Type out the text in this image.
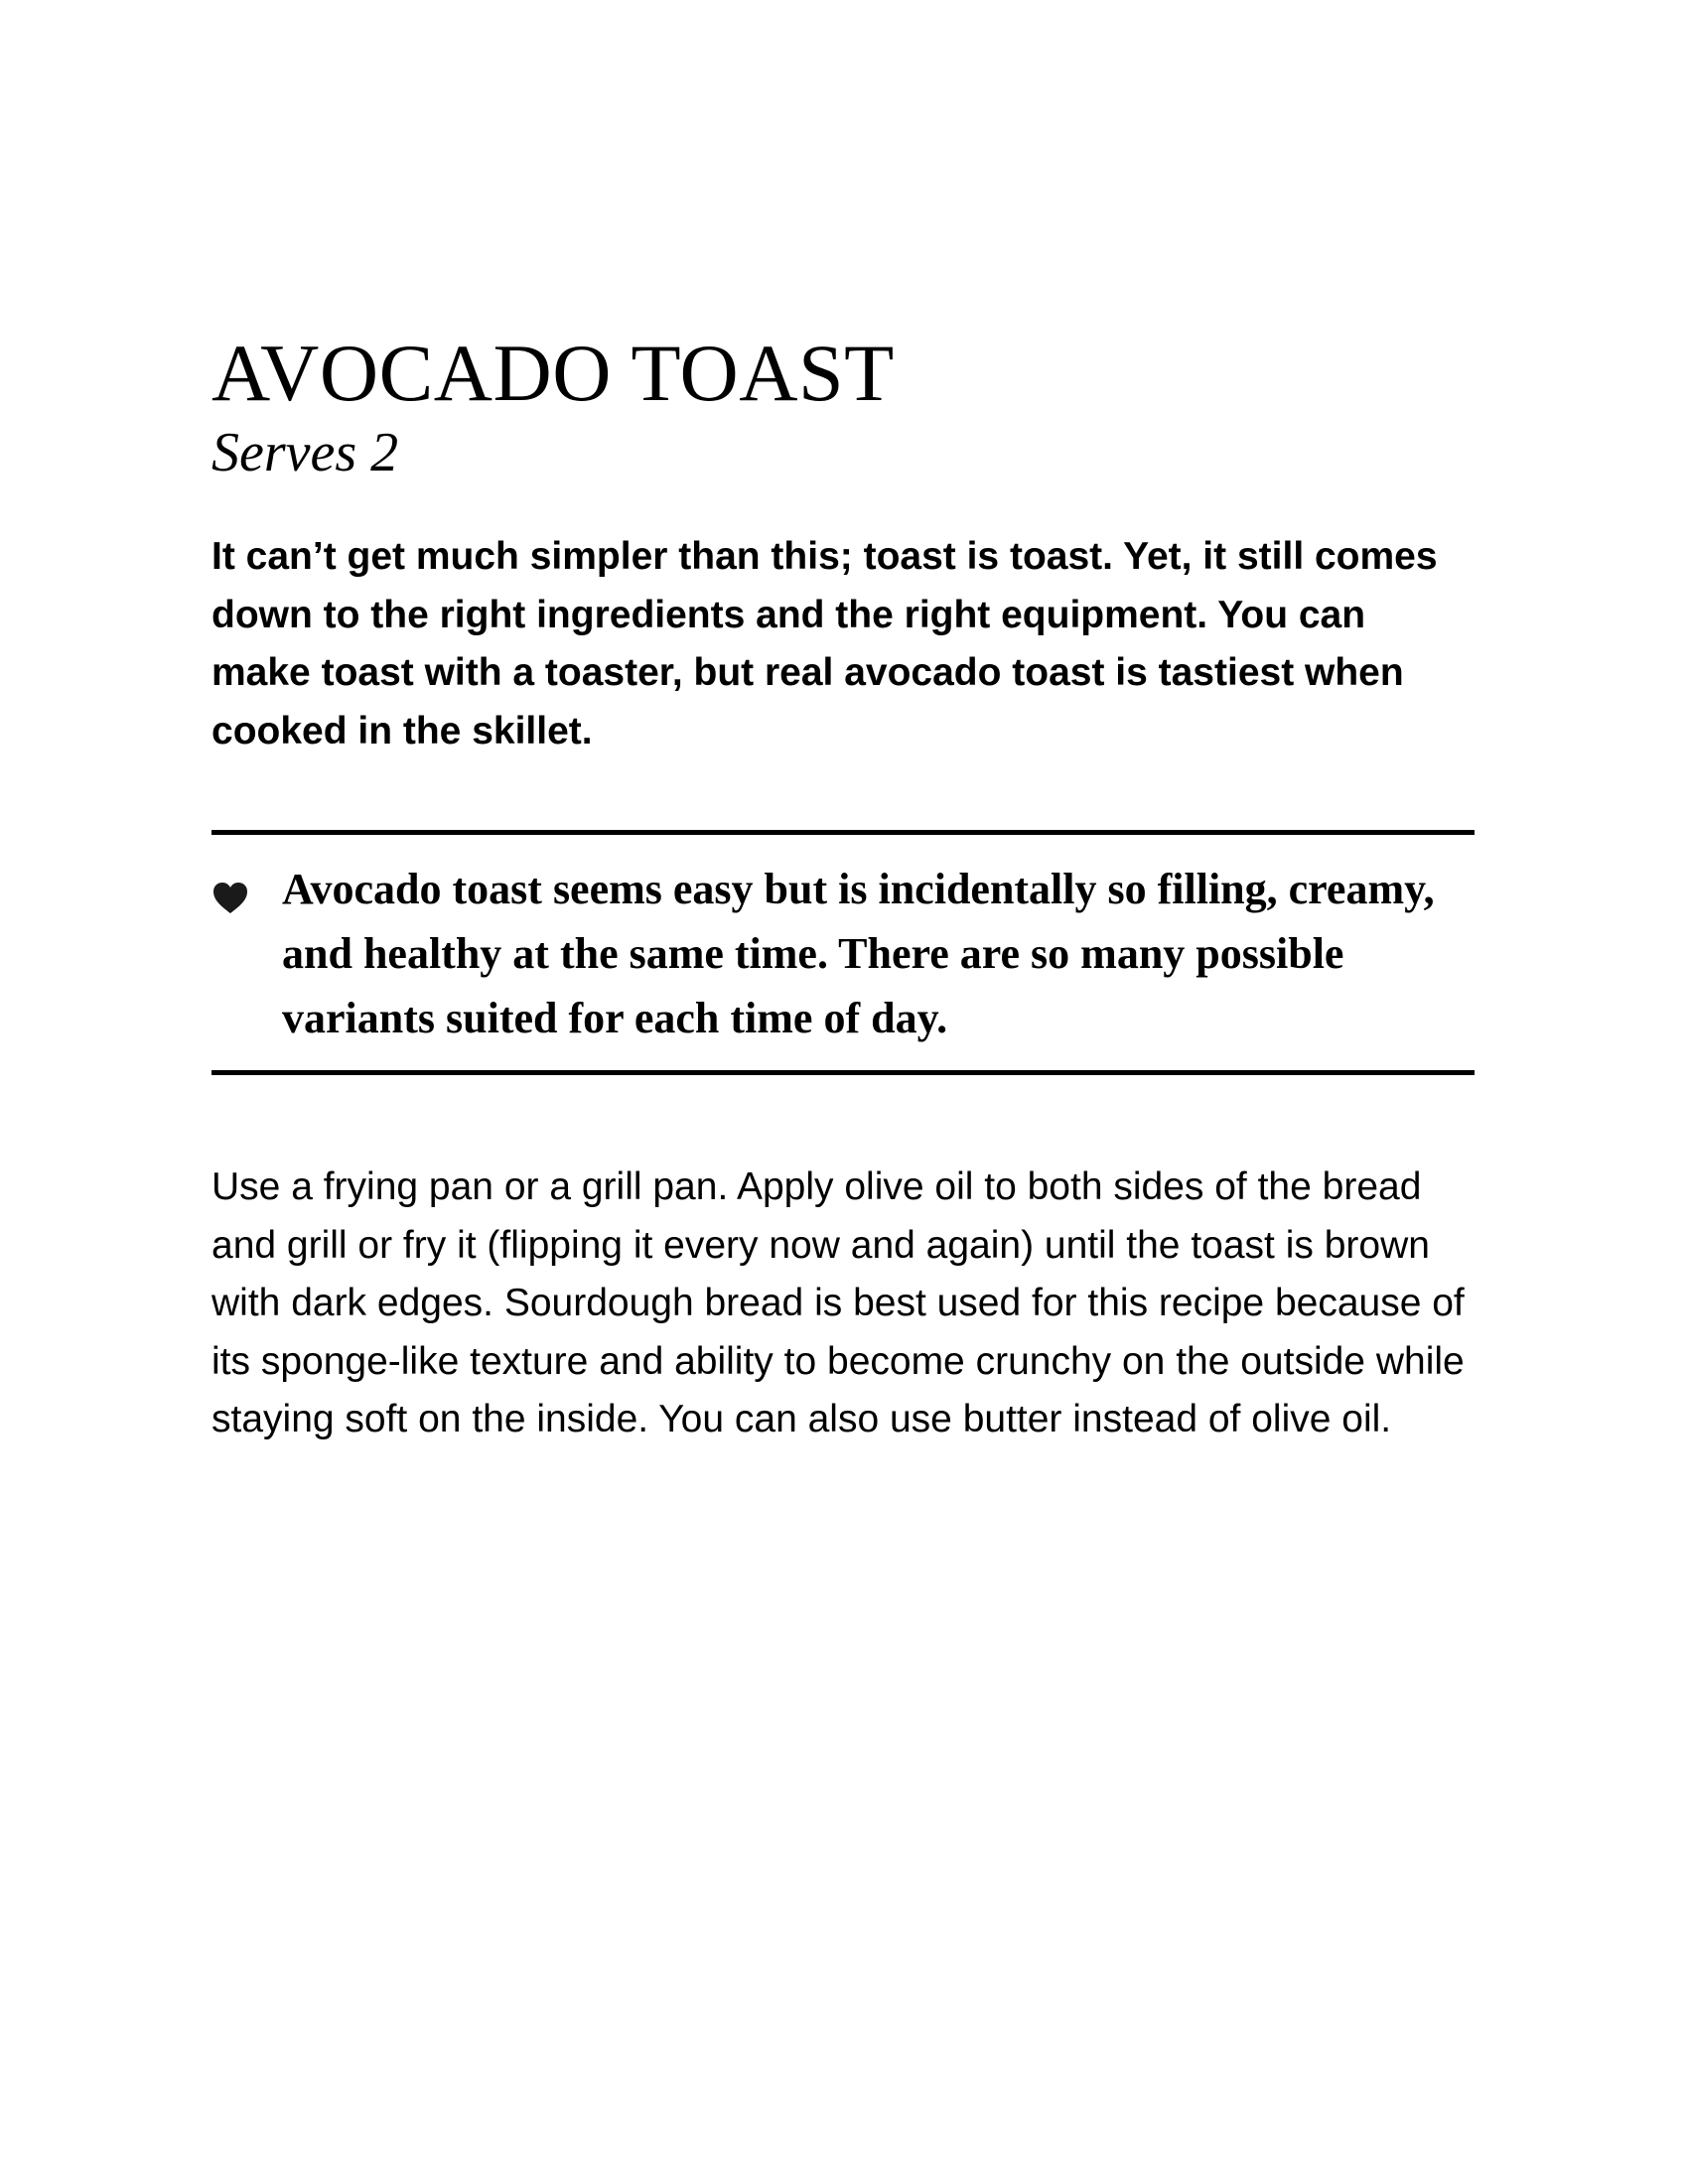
AVOCADO TOAST

Serves 2

It can’t get much simpler than this; toast is toast. Yet, it still comes down to the right ingredients and the right equipment. You can make toast with a toaster, but real avocado toast is tastiest when cooked in the skillet.

Avocado toast seems easy but is incidentally so filling, creamy, and healthy at the same time. There are so many possible variants suited for each time of day.

Use a frying pan or a grill pan. Apply olive oil to both sides of the bread and grill or fry it (flipping it every now and again) until the toast is brown with dark edges. Sourdough bread is best used for this recipe because of its sponge-like texture and ability to become crunchy on the outside while staying soft on the inside. You can also use butter instead of olive oil.
